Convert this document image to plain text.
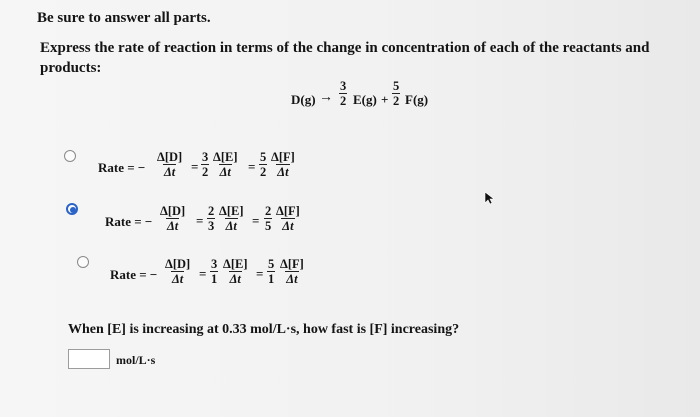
Be sure to answer all parts.
Express the rate of reaction in terms of the change in concentration of each of the reactants and
products:
$D(g) \to \frac{3}{2} E(g) + \frac{5}{2} F(g)$
Rate = − $\frac{\Delta[D]}{\Delta t} = \frac{3}{2} \frac{\Delta[E]}{\Delta t} = \frac{5}{2} \frac{\Delta[F]}{\Delta t}$
Rate = − $\frac{\Delta[D]}{\Delta t} = \frac{2}{3} \frac{\Delta[E]}{\Delta t} = \frac{2}{5} \frac{\Delta[F]}{\Delta t}$
Rate = − $\frac{\Delta[D]}{\Delta t} = \frac{3}{1} \frac{\Delta[E]}{\Delta t} = \frac{5}{1} \frac{\Delta[F]}{\Delta t}$
When [E] is increasing at 0.33 mol/L·s, how fast is [F] increasing?
mol/L·s
